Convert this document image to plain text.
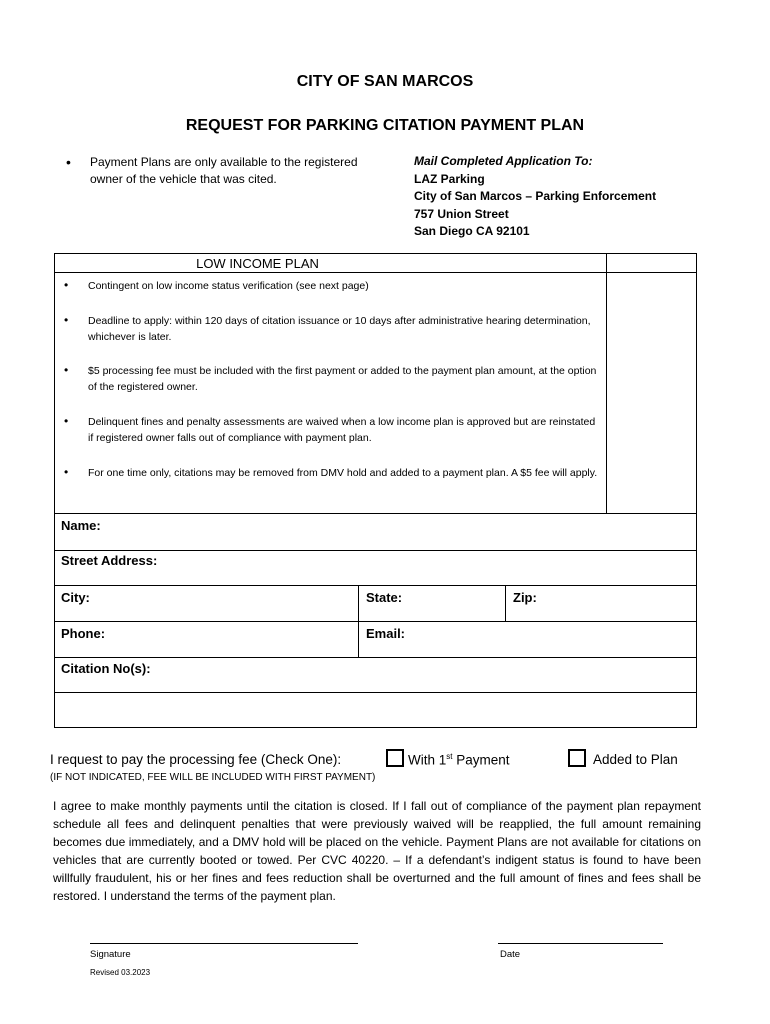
CITY OF SAN MARCOS
REQUEST FOR PARKING CITATION PAYMENT PLAN
• Payment Plans are only available to the registered owner of the vehicle that was cited.
Mail Completed Application To:
LAZ Parking
City of San Marcos – Parking Enforcement
757 Union Street
San Diego CA 92101
LOW INCOME PLAN
• Contingent on low income status verification (see next page)
• Deadline to apply: within 120 days of citation issuance or 10 days after administrative hearing determination, whichever is later.
• $5 processing fee must be included with the first payment or added to the payment plan amount, at the option of the registered owner.
• Delinquent fines and penalty assessments are waived when a low income plan is approved but are reinstated if registered owner falls out of compliance with payment plan.
• For one time only, citations may be removed from DMV hold and added to a payment plan. A $5 fee will apply.
Name:
Street Address:
City:	State:	Zip:
Phone:	Email:
Citation No(s):
I request to pay the processing fee (Check One):	With 1st Payment	Added to Plan
(IF NOT INDICATED, FEE WILL BE INCLUDED WITH FIRST PAYMENT)
I agree to make monthly payments until the citation is closed. If I fall out of compliance of the payment plan repayment schedule all fees and delinquent penalties that were previously waived will be reapplied, the full amount remaining becomes due immediately, and a DMV hold will be placed on the vehicle. Payment Plans are not available for citations on vehicles that are currently booted or towed. Per CVC 40220. – If a defendant’s indigent status is found to have been willfully fraudulent, his or her fines and fees reduction shall be overturned and the full amount of fines and fees shall be restored. I understand the terms of the payment plan.
Signature	Date
Revised 03.2023
